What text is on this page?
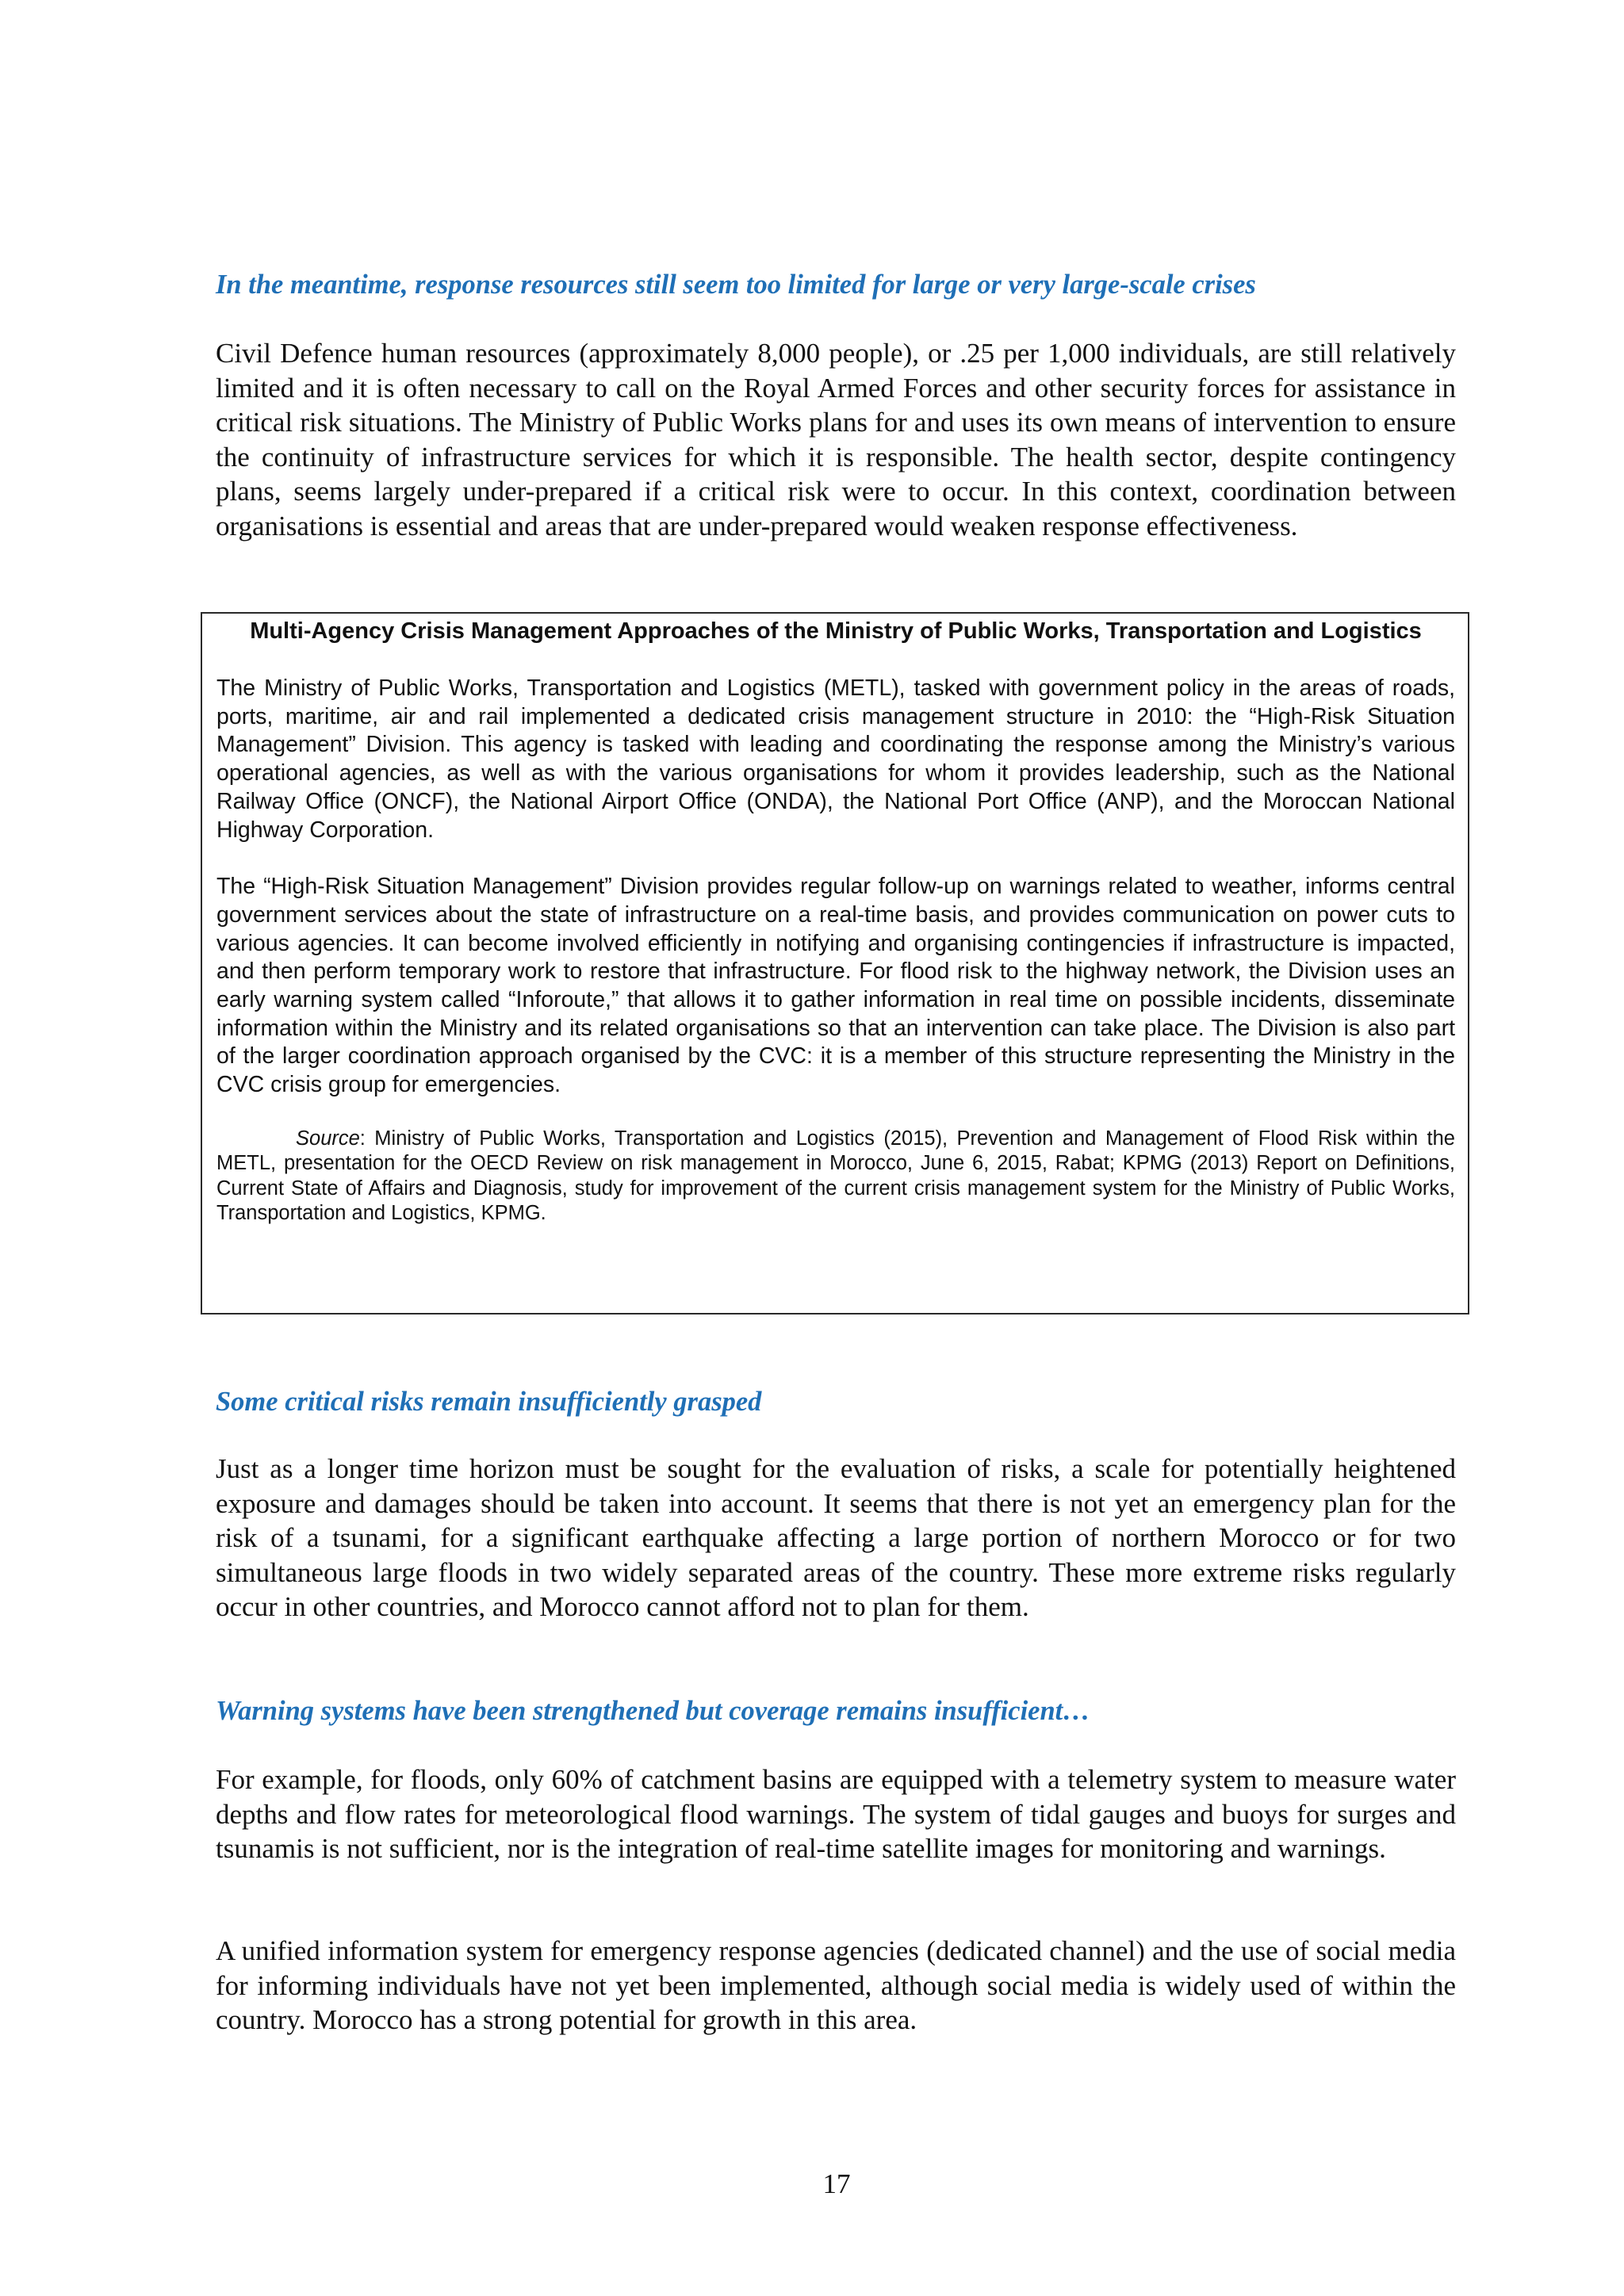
In the meantime, response resources still seem too limited for large or very large-scale crises

Civil Defence human resources (approximately 8,000 people), or .25 per 1,000 individuals, are still relatively limited and it is often necessary to call on the Royal Armed Forces and other security forces for assistance in critical risk situations. The Ministry of Public Works plans for and uses its own means of intervention to ensure the continuity of infrastructure services for which it is responsible. The health sector, despite contingency plans, seems largely under-prepared if a critical risk were to occur. In this context, coordination between organisations is essential and areas that are under-prepared would weaken response effectiveness.

Multi-Agency Crisis Management Approaches of the Ministry of Public Works, Transportation and Logistics

The Ministry of Public Works, Transportation and Logistics (METL), tasked with government policy in the areas of roads, ports, maritime, air and rail implemented a dedicated crisis management structure in 2010: the “High-Risk Situation Management” Division. This agency is tasked with leading and coordinating the response among the Ministry’s various operational agencies, as well as with the various organisations for whom it provides leadership, such as the National Railway Office (ONCF), the National Airport Office (ONDA), the National Port Office (ANP), and the Moroccan National Highway Corporation.

The “High-Risk Situation Management” Division provides regular follow-up on warnings related to weather, informs central government services about the state of infrastructure on a real-time basis, and provides communication on power cuts to various agencies. It can become involved efficiently in notifying and organising contingencies if infrastructure is impacted, and then perform temporary work to restore that infrastructure. For flood risk to the highway network, the Division uses an early warning system called “Inforoute,” that allows it to gather information in real time on possible incidents, disseminate information within the Ministry and its related organisations so that an intervention can take place. The Division is also part of the larger coordination approach organised by the CVC: it is a member of this structure representing the Ministry in the CVC crisis group for emergencies.

Source: Ministry of Public Works, Transportation and Logistics (2015), Prevention and Management of Flood Risk within the METL, presentation for the OECD Review on risk management in Morocco, June 6, 2015, Rabat; KPMG (2013) Report on Definitions, Current State of Affairs and Diagnosis, study for improvement of the current crisis management system for the Ministry of Public Works, Transportation and Logistics, KPMG.

Some critical risks remain insufficiently grasped

Just as a longer time horizon must be sought for the evaluation of risks, a scale for potentially heightened exposure and damages should be taken into account. It seems that there is not yet an emergency plan for the risk of a tsunami, for a significant earthquake affecting a large portion of northern Morocco or for two simultaneous large floods in two widely separated areas of the country. These more extreme risks regularly occur in other countries, and Morocco cannot afford not to plan for them.

Warning systems have been strengthened but coverage remains insufficient…

For example, for floods, only 60% of catchment basins are equipped with a telemetry system to measure water depths and flow rates for meteorological flood warnings. The system of tidal gauges and buoys for surges and tsunamis is not sufficient, nor is the integration of real-time satellite images for monitoring and warnings.

A unified information system for emergency response agencies (dedicated channel) and the use of social media for informing individuals have not yet been implemented, although social media is widely used of within the country. Morocco has a strong potential for growth in this area.

17
